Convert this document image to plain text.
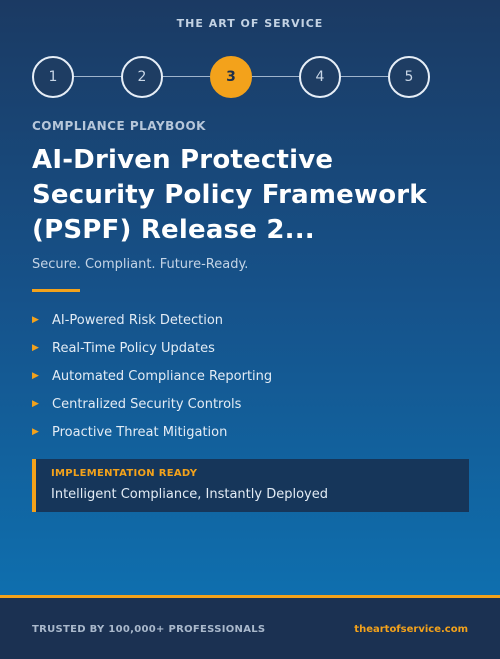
THE ART OF SERVICE
1	2	3	4	5
COMPLIANCE PLAYBOOK
AI-Driven Protective
Security Policy Framework
(PSPF) Release 2...
Secure. Compliant. Future-Ready.
▶	AI-Powered Risk Detection
▶	Real-Time Policy Updates
▶	Automated Compliance Reporting
▶	Centralized Security Controls
▶	Proactive Threat Mitigation
IMPLEMENTATION READY
Intelligent Compliance, Instantly Deployed
TRUSTED BY 100,000+ PROFESSIONALS	theartofservice.com
